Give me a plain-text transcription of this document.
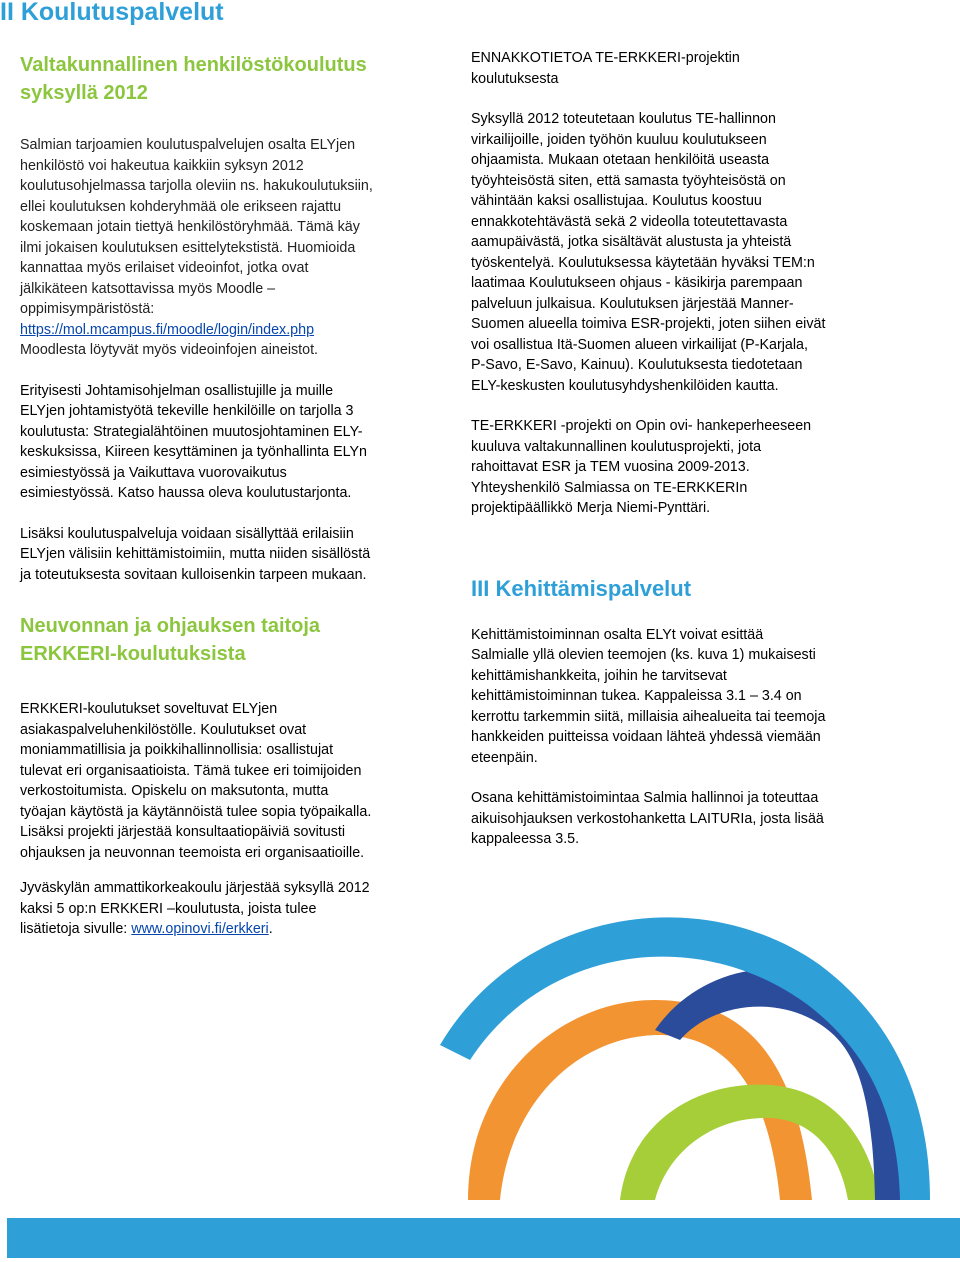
II Koulutuspalvelut
Valtakunnallinen henkilöstökoulutus
syksyllä 2012

Salmian tarjoamien koulutuspalvelujen osalta ELYjen
henkilöstö voi hakeutua kaikkiin syksyn 2012
koulutusohjelmassa tarjolla oleviin ns. hakukoulutuksiin,
ellei koulutuksen kohderyhmää ole erikseen rajattu
koskemaan jotain tiettyä henkilöstöryhmää. Tämä käy
ilmi jokaisen koulutuksen esittelytekstistä. Huomioida
kannattaa myös erilaiset videoinfot, jotka ovat
jälkikäteen katsottavissa myös Moodle –
oppimisympäristöstä:
https://mol.mcampus.fi/moodle/login/index.php
Moodlesta löytyvät myös videoinfojen aineistot.

Erityisesti Johtamisohjelman osallistujille ja muille
ELYjen johtamistyötä tekeville henkilöille on tarjolla 3
koulutusta: Strategialähtöinen muutosjohtaminen ELY-
keskuksissa, Kiireen kesyttäminen ja työnhallinta ELYn
esimiestyössä ja Vaikuttava vuorovaikutus
esimiestyössä. Katso haussa oleva koulutustarjonta.

Lisäksi koulutuspalveluja voidaan sisällyttää erilaisiin
ELYjen välisiin kehittämistoimiin, mutta niiden sisällöstä
ja toteutuksesta sovitaan kulloisenkin tarpeen mukaan.

Neuvonnan ja ohjauksen taitoja
ERKKERI-koulutuksista

ERKKERI-koulutukset soveltuvat ELYjen
asiakaspalveluhenkilöstölle. Koulutukset ovat
moniammatillisia ja poikkihallinnollisia: osallistujat
tulevat eri organisaatioista. Tämä tukee eri toimijoiden
verkostoitumista. Opiskelu on maksutonta, mutta
työajan käytöstä ja käytännöistä tulee sopia työpaikalla.
Lisäksi projekti järjestää konsultaatiopäiviä sovitusti
ohjauksen ja neuvonnan teemoista eri organisaatioille.

Jyväskylän ammattikorkeakoulu järjestää syksyllä 2012
kaksi 5 op:n ERKKERI –koulutusta, joista tulee
lisätietoja sivulle: www.opinovi.fi/erkkeri.

ENNAKKOTIETOA TE-ERKKERI-projektin
koulutuksesta

Syksyllä 2012 toteutetaan koulutus TE-hallinnon
virkailijoille, joiden työhön kuuluu koulutukseen
ohjaamista. Mukaan otetaan henkilöitä useasta
työyhteisöstä siten, että samasta työyhteisöstä on
vähintään kaksi osallistujaa. Koulutus koostuu
ennakkotehtävästä sekä 2 videolla toteutettavasta
aamupäivästä, jotka sisältävät alustusta ja yhteistä
työskentelyä. Koulutuksessa käytetään hyväksi TEM:n
laatimaa Koulutukseen ohjaus - käsikirja parempaan
palveluun julkaisua. Koulutuksen järjestää Manner-
Suomen alueella toimiva ESR-projekti, joten siihen eivät
voi osallistua Itä-Suomen alueen virkailijat (P-Karjala,
P-Savo, E-Savo, Kainuu). Koulutuksesta tiedotetaan
ELY-keskusten koulutusyhdyshenkilöiden kautta.

TE-ERKKERI -projekti on Opin ovi- hankeperheeseen
kuuluva valtakunnallinen koulutusprojekti, jota
rahoittavat ESR ja TEM vuosina 2009-2013.
Yhteyshenkilö Salmiassa on TE-ERKKERIn
projektipäällikkö Merja Niemi-Pynttäri.

III Kehittämispalvelut

Kehittämistoiminnan osalta ELYt voivat esittää
Salmialle yllä olevien teemojen (ks. kuva 1) mukaisesti
kehittämishankkeita, joihin he tarvitsevat
kehittämistoiminnan tukea. Kappaleissa 3.1 – 3.4 on
kerrottu tarkemmin siitä, millaisia aihealueita tai teemoja
hankkeiden puitteissa voidaan lähteä yhdessä viemään
eteenpäin.

Osana kehittämistoimintaa Salmia hallinnoi ja toteuttaa
aikuisohjauksen verkostohanketta LAITURIa, josta lisää
kappaleessa 3.5.
